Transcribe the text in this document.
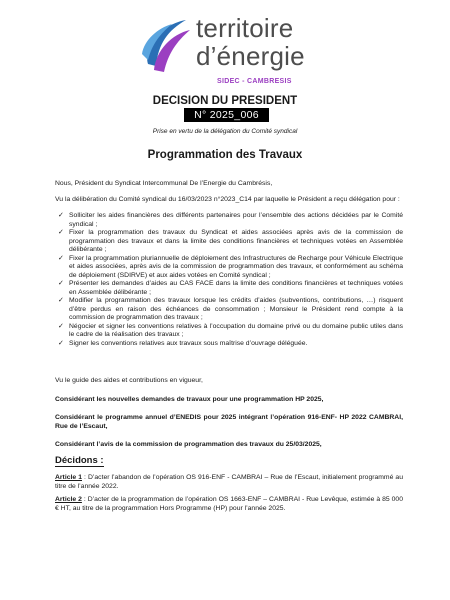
territoire
d’énergie
SIDEC - CAMBRESIS
DECISION DU PRESIDENT
N° 2025_006
Prise en vertu de la délégation du Comité syndical
Programmation des Travaux
Nous, Président du Syndicat Intercommunal De l’Energie du Cambrésis,
Vu la délibération du Comité syndical du 16/03/2023 n°2023_C14 par laquelle le Président a reçu délégation pour :
✓ Solliciter les aides financières des différents partenaires pour l’ensemble des actions décidées par le Comité syndical ;
✓ Fixer la programmation des travaux du Syndicat et aides associées après avis de la commission de programmation des travaux et dans la limite des conditions financières et techniques votées en Assemblée délibérante ;
✓ Fixer la programmation pluriannuelle de déploiement des Infrastructures de Recharge pour Véhicule Electrique et aides associées, après avis de la commission de programmation des travaux, et conformément au schéma de déploiement (SDIRVE) et aux aides votées en Comité syndical ;
✓ Présenter les demandes d’aides au CAS FACE dans la limite des conditions financières et techniques votées en Assemblée délibérante ;
✓ Modifier la programmation des travaux lorsque les crédits d’aides (subventions, contributions, …) risquent d’être perdus en raison des échéances de consommation ; Monsieur le Président rend compte à la commission de programmation des travaux ;
✓ Négocier et signer les conventions relatives à l’occupation du domaine privé ou du domaine public utiles dans le cadre de la réalisation des travaux ;
✓ Signer les conventions relatives aux travaux sous maîtrise d’ouvrage déléguée.
Vu le guide des aides et contributions en vigueur,
Considérant les nouvelles demandes de travaux pour une programmation HP 2025,
Considérant le programme annuel d’ENEDIS pour 2025 intégrant l’opération 916-ENF- HP 2022 CAMBRAI, Rue de l’Escaut,
Considérant l’avis de la commission de programmation des travaux du 25/03/2025,
Décidons :
Article 1 : D’acter l’abandon de l’opération OS 916-ENF - CAMBRAI – Rue de l’Escaut, initialement programmé au titre de l’année 2022.
Article 2 : D’acter de la programmation de l’opération OS 1663-ENF – CAMBRAI - Rue Levêque, estimée à 85 000 € HT, au titre de la programmation Hors Programme (HP) pour l’année 2025.
